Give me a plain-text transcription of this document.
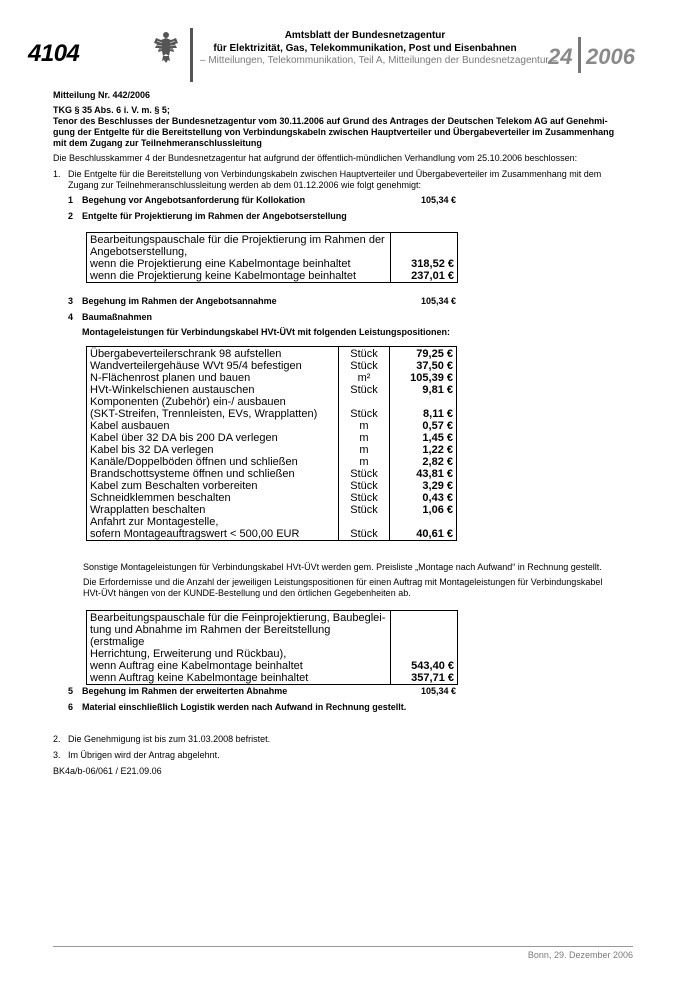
4104
Amtsblatt der Bundesnetzagentur
für Elektrizität, Gas, Telekommunikation, Post und Eisenbahnen
– Mitteilungen, Telekommunikation, Teil A, Mitteilungen der Bundesnetzagentur –
24 2006
Mitteilung Nr. 442/2006
TKG § 35 Abs. 6 i. V. m. § 5;
Tenor des Beschlusses der Bundesnetzagentur vom 30.11.2006 auf Grund des Antrages der Deutschen Telekom AG auf Genehmi-
gung der Entgelte für die Bereitstellung von Verbindungskabeln zwischen Hauptverteiler und Übergabeverteiler im Zusammenhang
mit dem Zugang zur Teilnehmeranschlussleitung
Die Beschlusskammer 4 der Bundesnetzagentur hat aufgrund der öffentlich-mündlichen Verhandlung vom 25.10.2006 beschlossen:
1. Die Entgelte für die Bereitstellung von Verbindungskabeln zwischen Hauptverteiler und Übergabeverteiler im Zusammenhang mit dem
Zugang zur Teilnehmeranschlussleitung werden ab dem 01.12.2006 wie folgt genehmigt:
1 Begehung vor Angebotsanforderung für Kollokation	105,34 €
2 Entgelte für Projektierung im Rahmen der Angebotserstellung
Bearbeitungspauschale für die Projektierung im Rahmen der	
Angebotserstellung,	
wenn die Projektierung eine Kabelmontage beinhaltet	318,52 €
wenn die Projektierung keine Kabelmontage beinhaltet	237,01 €
3 Begehung im Rahmen der Angebotsannahme	105,34 €
4 Baumaßnahmen
Montageleistungen für Verbindungskabel HVt-ÜVt mit folgenden Leistungspositionen:
Übergabeverteilerschrank 98 aufstellen	Stück	79,25 €
Wandverteilergehäuse WVt 95/4 befestigen	Stück	37,50 €
N-Flächenrost planen und bauen	m²	105,39 €
HVt-Winkelschienen austauschen	Stück	9,81 €
Komponenten (Zubehör) ein-/ ausbauen		
(SKT-Streifen, Trennleisten, EVs, Wrapplatten)	Stück	8,11 €
Kabel ausbauen	m	0,57 €
Kabel über 32 DA bis 200 DA verlegen	m	1,45 €
Kabel bis 32 DA verlegen	m	1,22 €
Kanäle/Doppelböden öffnen und schließen	m	2,82 €
Brandschottsysteme öffnen und schließen	Stück	43,81 €
Kabel zum Beschalten vorbereiten	Stück	3,29 €
Schneidklemmen beschalten	Stück	0,43 €
Wrapplatten beschalten	Stück	1,06 €
Anfahrt zur Montagestelle,		
sofern Montageauftragswert < 500,00 EUR	Stück	40,61 €
Sonstige Montageleistungen für Verbindungskabel HVt-ÜVt werden gem. Preisliste „Montage nach Aufwand“ in Rechnung gestellt.
Die Erfordernisse und die Anzahl der jeweiligen Leistungspositionen für einen Auftrag mit Montageleistungen für Verbindungskabel
HVt-ÜVt hängen von der KUNDE-Bestellung und den örtlichen Gegebenheiten ab.
Bearbeitungspauschale für die Feinprojektierung, Baubeglei-	
tung und Abnahme im Rahmen der Bereitstellung (erstmalige	
Herrichtung, Erweiterung und Rückbau),	
wenn Auftrag eine Kabelmontage beinhaltet	543,40 €
wenn Auftrag keine Kabelmontage beinhaltet	357,71 €
5 Begehung im Rahmen der erweiterten Abnahme	105,34 €
6 Material einschließlich Logistik werden nach Aufwand in Rechnung gestellt.
2. Die Genehmigung ist bis zum 31.03.2008 befristet.
3. Im Übrigen wird der Antrag abgelehnt.
BK4a/b-06/061 / E21.09.06
Bonn, 29. Dezember 2006
